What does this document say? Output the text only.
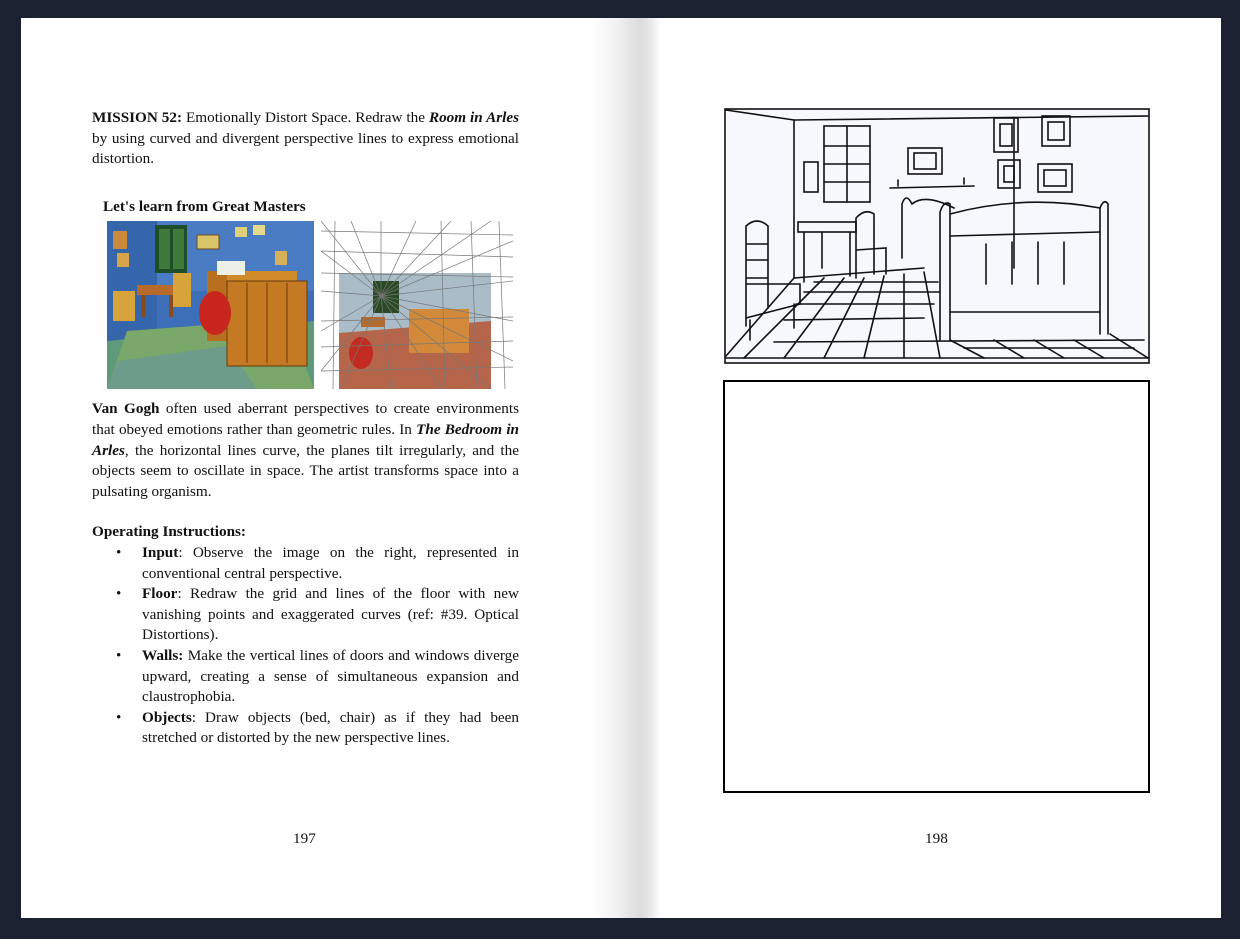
MISSION 52: Emotionally Distort Space. Redraw the Room in Arles by using curved and divergent perspective lines to express emotional distortion.

Let's learn from Great Masters

Van Gogh often used aberrant perspectives to create environments that obeyed emotions rather than geometric rules. In The Bedroom in Arles, the horizontal lines curve, the planes tilt irregularly, and the objects seem to oscillate in space. The artist transforms space into a pulsating organism.

Operating Instructions:
• Input: Observe the image on the right, represented in conventional central perspective.
• Floor: Redraw the grid and lines of the floor with new vanishing points and exaggerated curves (ref: #39. Optical Distortions).
• Walls: Make the vertical lines of doors and windows diverge upward, creating a sense of simultaneous expansion and claustrophobia.
• Objects: Draw objects (bed, chair) as if they had been stretched or distorted by the new perspective lines.
197	198
